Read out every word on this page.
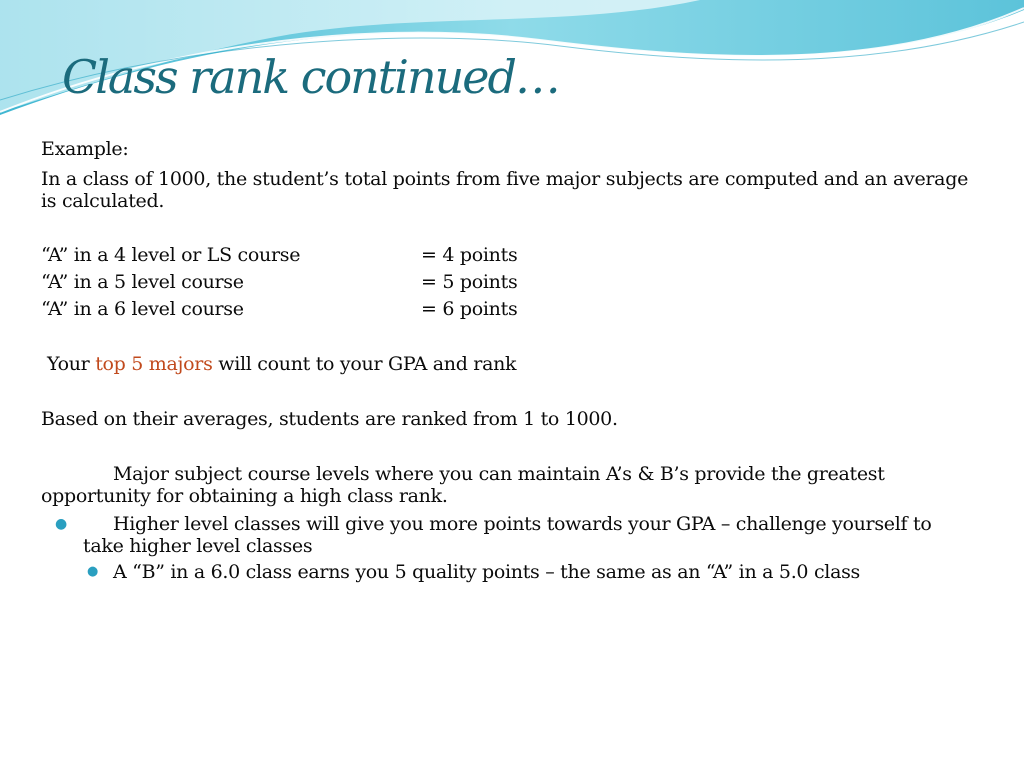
Class rank continued…

Example:

In a class of 1000, the student’s total points from five major subjects are computed and an average is calculated.

“A” in a 4 level or LS course	= 4 points
“A” in a 5 level course	= 5 points
“A” in a 6 level course	= 6 points

Your top 5 majors will count to your GPA and rank

Based on their averages, students are ranked from 1 to 1000.

Major subject course levels where you can maintain A’s & B’s provide the greatest opportunity for obtaining a high class rank.

●	Higher level classes will give you more points towards your GPA – challenge yourself to take higher level classes
● A “B” in a 6.0 class earns you 5 quality points – the same as an “A” in a 5.0 class
